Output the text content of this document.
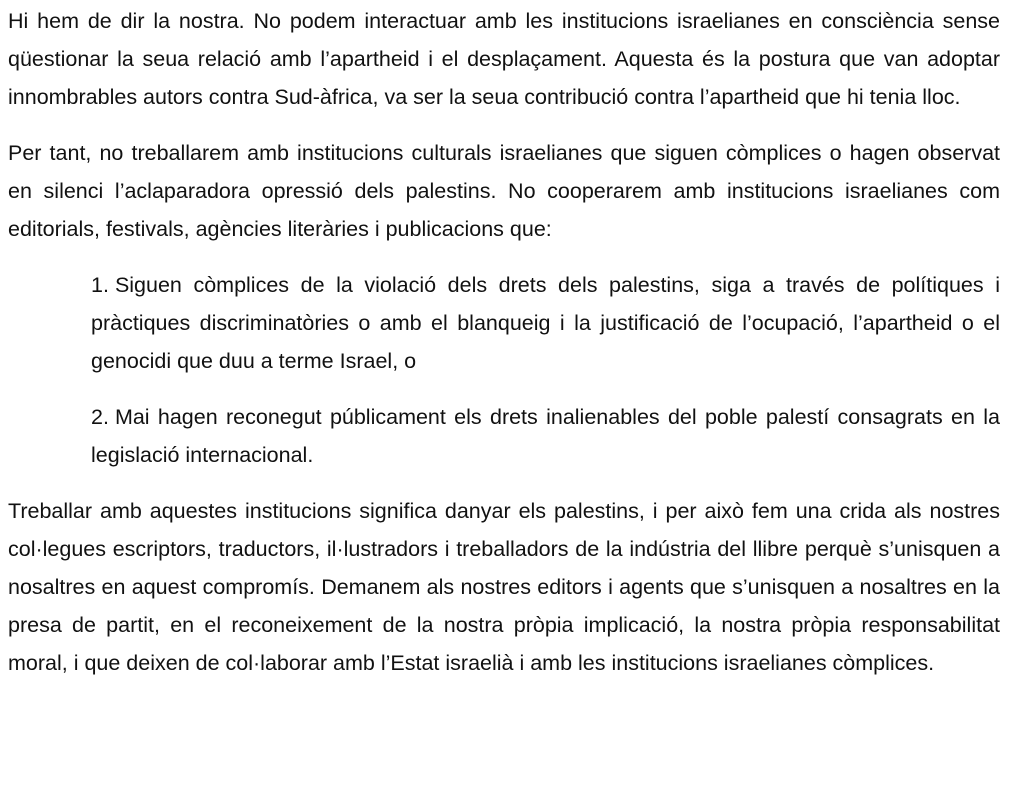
Hi hem de dir la nostra. No podem interactuar amb les institucions israelianes en consciència sense qüestionar la seua relació amb l’apartheid i el desplaçament. Aquesta és la postura que van adoptar innombrables autors contra Sud-àfrica, va ser la seua contribució contra l’apartheid que hi tenia lloc.

Per tant, no treballarem amb institucions culturals israelianes que siguen còmplices o hagen observat en silenci l’aclaparadora opressió dels palestins. No cooperarem amb institucions israelianes com editorials, festivals, agències literàries i publicacions que:

1. Siguen còmplices de la violació dels drets dels palestins, siga a través de polítiques i pràctiques discriminatòries o amb el blanqueig i la justificació de l’ocupació, l’apartheid o el genocidi que duu a terme Israel, o
2. Mai hagen reconegut públicament els drets inalienables del poble palestí consagrats en la legislació internacional.

Treballar amb aquestes institucions significa danyar els palestins, i per això fem una crida als nostres col·legues escriptors, traductors, il·lustradors i treballadors de la indústria del llibre perquè s’unisquen a nosaltres en aquest compromís. Demanem als nostres editors i agents que s’unisquen a nosaltres en la presa de partit, en el reconeixement de la nostra pròpia implicació, la nostra pròpia responsabilitat moral, i que deixen de col·laborar amb l’Estat israelià i amb les institucions israelianes còmplices.
